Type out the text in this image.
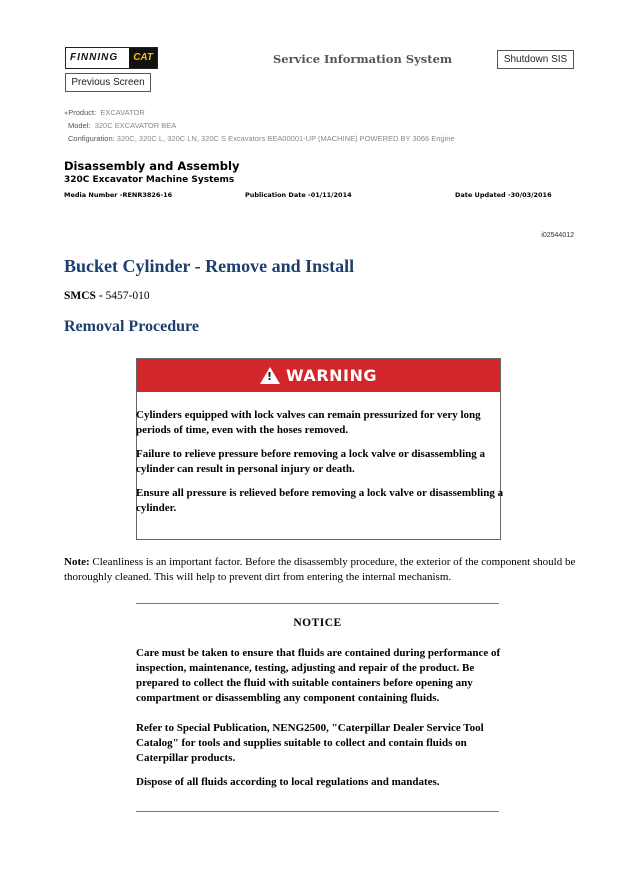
FINNING	CAT	Service Information System	Shutdown SIS
Previous Screen
●Product: EXCAVATOR
Model: 320C EXCAVATOR BEA
Configuration: 320C, 320C L, 320C LN, 320C S Excavators BEA00001-UP (MACHINE) POWERED BY 3066 Engine
Disassembly and Assembly
320C Excavator Machine Systems
Media Number -RENR3826-16	Publication Date -01/11/2014	Date Updated -30/03/2016
i02544012
Bucket Cylinder - Remove and Install
SMCS - 5457-010
Removal Procedure
! WARNING
Cylinders equipped with lock valves can remain pressurized for very long periods of time, even with the hoses removed.
Failure to relieve pressure before removing a lock valve or disassembling a cylinder can result in personal injury or death.
Ensure all pressure is relieved before removing a lock valve or disassembling a cylinder.
Note: Cleanliness is an important factor. Before the disassembly procedure, the exterior of the component should be thoroughly cleaned. This will help to prevent dirt from entering the internal mechanism.
NOTICE
Care must be taken to ensure that fluids are contained during performance of inspection, maintenance, testing, adjusting and repair of the product. Be prepared to collect the fluid with suitable containers before opening any compartment or disassembling any component containing fluids.
Refer to Special Publication, NENG2500, "Caterpillar Dealer Service Tool Catalog" for tools and supplies suitable to collect and contain fluids on Caterpillar products.
Dispose of all fluids according to local regulations and mandates.
